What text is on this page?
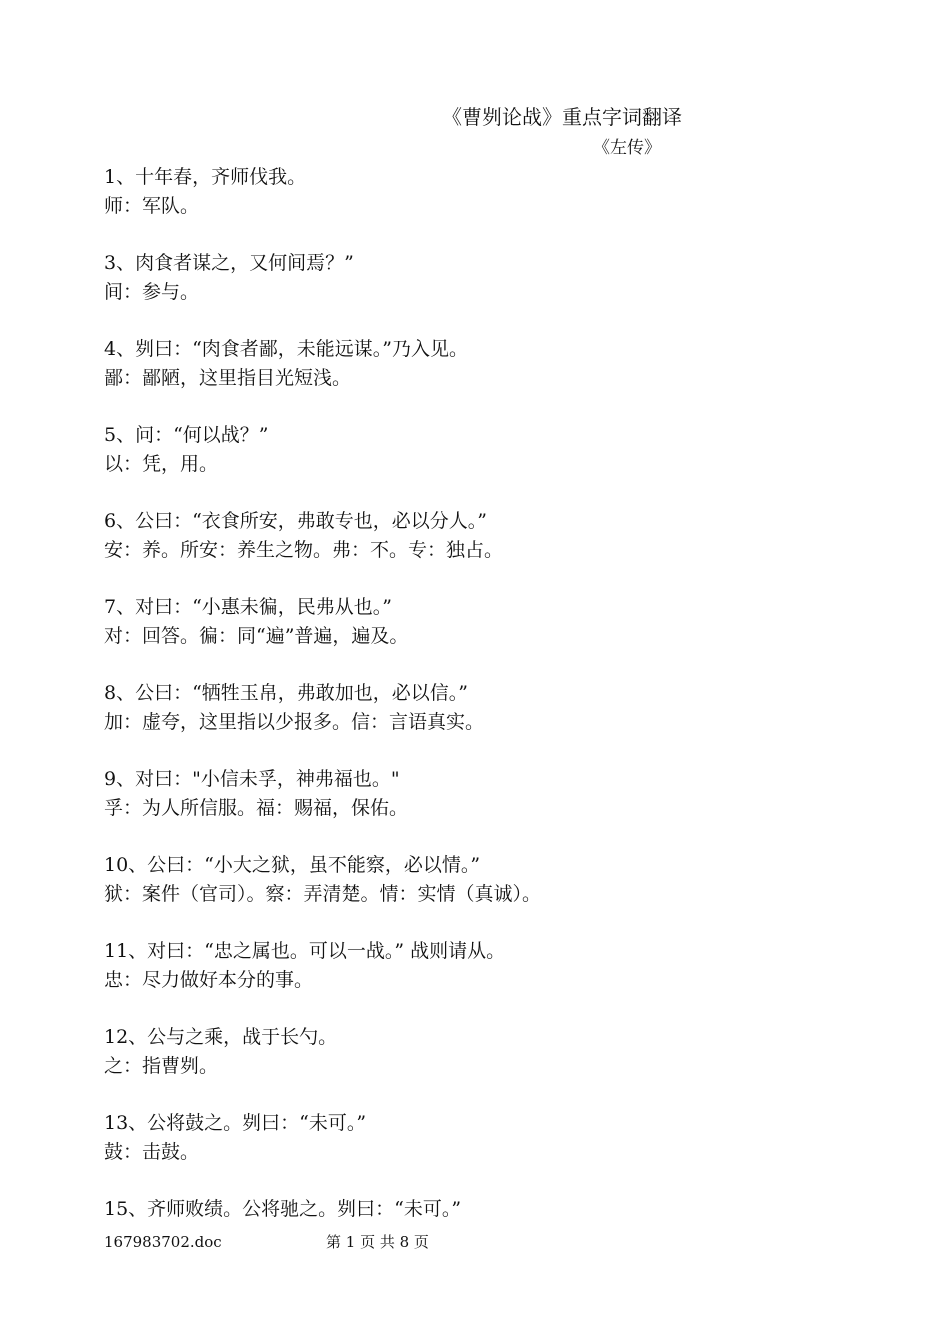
《曹刿论战》重点字词翻译
《左传》
1、十年春，齐师伐我。
师：军队。
3、肉食者谋之，又何间焉？”
间：参与。
4、刿曰：“肉食者鄙，未能远谋。”乃入见。
鄙：鄙陋，这里指目光短浅。
5、问：“何以战？”
以：凭，用。
6、公曰：“衣食所安，弗敢专也，必以分人。”
安：养。所安：养生之物。弗：不。专：独占。
7、对曰：“小惠未徧，民弗从也。”
对：回答。徧：同“遍”普遍，遍及。
8、公曰：“牺牲玉帛，弗敢加也，必以信。”
加：虚夸，这里指以少报多。信：言语真实。
9、对曰："小信未孚，神弗福也。"
孚：为人所信服。福：赐福，保佑。
10、公曰：“小大之狱，虽不能察，必以情。”
狱：案件（官司）。察：弄清楚。情：实情（真诚）。
11、对曰：“忠之属也。可以一战。” 战则请从。
忠：尽力做好本分的事。
12、公与之乘，战于长勺。
之：指曹刿。
13、公将鼓之。刿曰：“未可。”
鼓：击鼓。
15、齐师败绩。公将驰之。刿曰：“未可。”
167983702.doc	第 1 页 共 8 页
